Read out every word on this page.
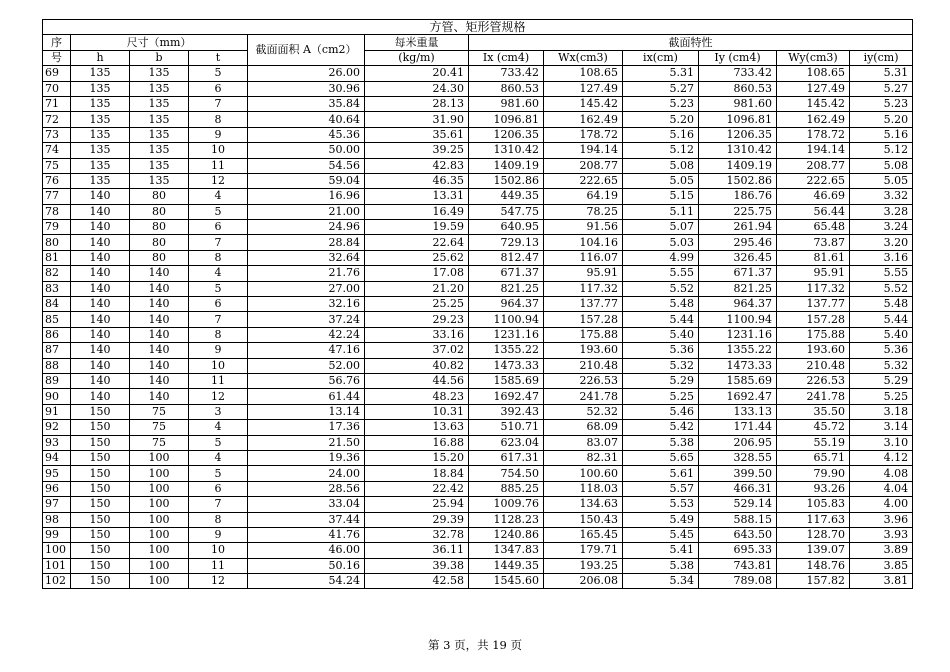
方管、矩形管规格											
序	尺寸（mm）			截面面积 A（cm2）	每米重量	截面特性					
号	h	b	t		(kg/m)	Ix (cm4)	Wx(cm3)	ix(cm)	Iy (cm4)	Wy(cm3)	iy(cm)
69	135	135	5	26.00	20.41	733.42	108.65	5.31	733.42	108.65	5.31
70	135	135	6	30.96	24.30	860.53	127.49	5.27	860.53	127.49	5.27
71	135	135	7	35.84	28.13	981.60	145.42	5.23	981.60	145.42	5.23
72	135	135	8	40.64	31.90	1096.81	162.49	5.20	1096.81	162.49	5.20
73	135	135	9	45.36	35.61	1206.35	178.72	5.16	1206.35	178.72	5.16
74	135	135	10	50.00	39.25	1310.42	194.14	5.12	1310.42	194.14	5.12
75	135	135	11	54.56	42.83	1409.19	208.77	5.08	1409.19	208.77	5.08
76	135	135	12	59.04	46.35	1502.86	222.65	5.05	1502.86	222.65	5.05
77	140	80	4	16.96	13.31	449.35	64.19	5.15	186.76	46.69	3.32
78	140	80	5	21.00	16.49	547.75	78.25	5.11	225.75	56.44	3.28
79	140	80	6	24.96	19.59	640.95	91.56	5.07	261.94	65.48	3.24
80	140	80	7	28.84	22.64	729.13	104.16	5.03	295.46	73.87	3.20
81	140	80	8	32.64	25.62	812.47	116.07	4.99	326.45	81.61	3.16
82	140	140	4	21.76	17.08	671.37	95.91	5.55	671.37	95.91	5.55
83	140	140	5	27.00	21.20	821.25	117.32	5.52	821.25	117.32	5.52
84	140	140	6	32.16	25.25	964.37	137.77	5.48	964.37	137.77	5.48
85	140	140	7	37.24	29.23	1100.94	157.28	5.44	1100.94	157.28	5.44
86	140	140	8	42.24	33.16	1231.16	175.88	5.40	1231.16	175.88	5.40
87	140	140	9	47.16	37.02	1355.22	193.60	5.36	1355.22	193.60	5.36
88	140	140	10	52.00	40.82	1473.33	210.48	5.32	1473.33	210.48	5.32
89	140	140	11	56.76	44.56	1585.69	226.53	5.29	1585.69	226.53	5.29
90	140	140	12	61.44	48.23	1692.47	241.78	5.25	1692.47	241.78	5.25
91	150	75	3	13.14	10.31	392.43	52.32	5.46	133.13	35.50	3.18
92	150	75	4	17.36	13.63	510.71	68.09	5.42	171.44	45.72	3.14
93	150	75	5	21.50	16.88	623.04	83.07	5.38	206.95	55.19	3.10
94	150	100	4	19.36	15.20	617.31	82.31	5.65	328.55	65.71	4.12
95	150	100	5	24.00	18.84	754.50	100.60	5.61	399.50	79.90	4.08
96	150	100	6	28.56	22.42	885.25	118.03	5.57	466.31	93.26	4.04
97	150	100	7	33.04	25.94	1009.76	134.63	5.53	529.14	105.83	4.00
98	150	100	8	37.44	29.39	1128.23	150.43	5.49	588.15	117.63	3.96
99	150	100	9	41.76	32.78	1240.86	165.45	5.45	643.50	128.70	3.93
100	150	100	10	46.00	36.11	1347.83	179.71	5.41	695.33	139.07	3.89
101	150	100	11	50.16	39.38	1449.35	193.25	5.38	743.81	148.76	3.85
102	150	100	12	54.24	42.58	1545.60	206.08	5.34	789.08	157.82	3.81
第 3 页，共 19 页
